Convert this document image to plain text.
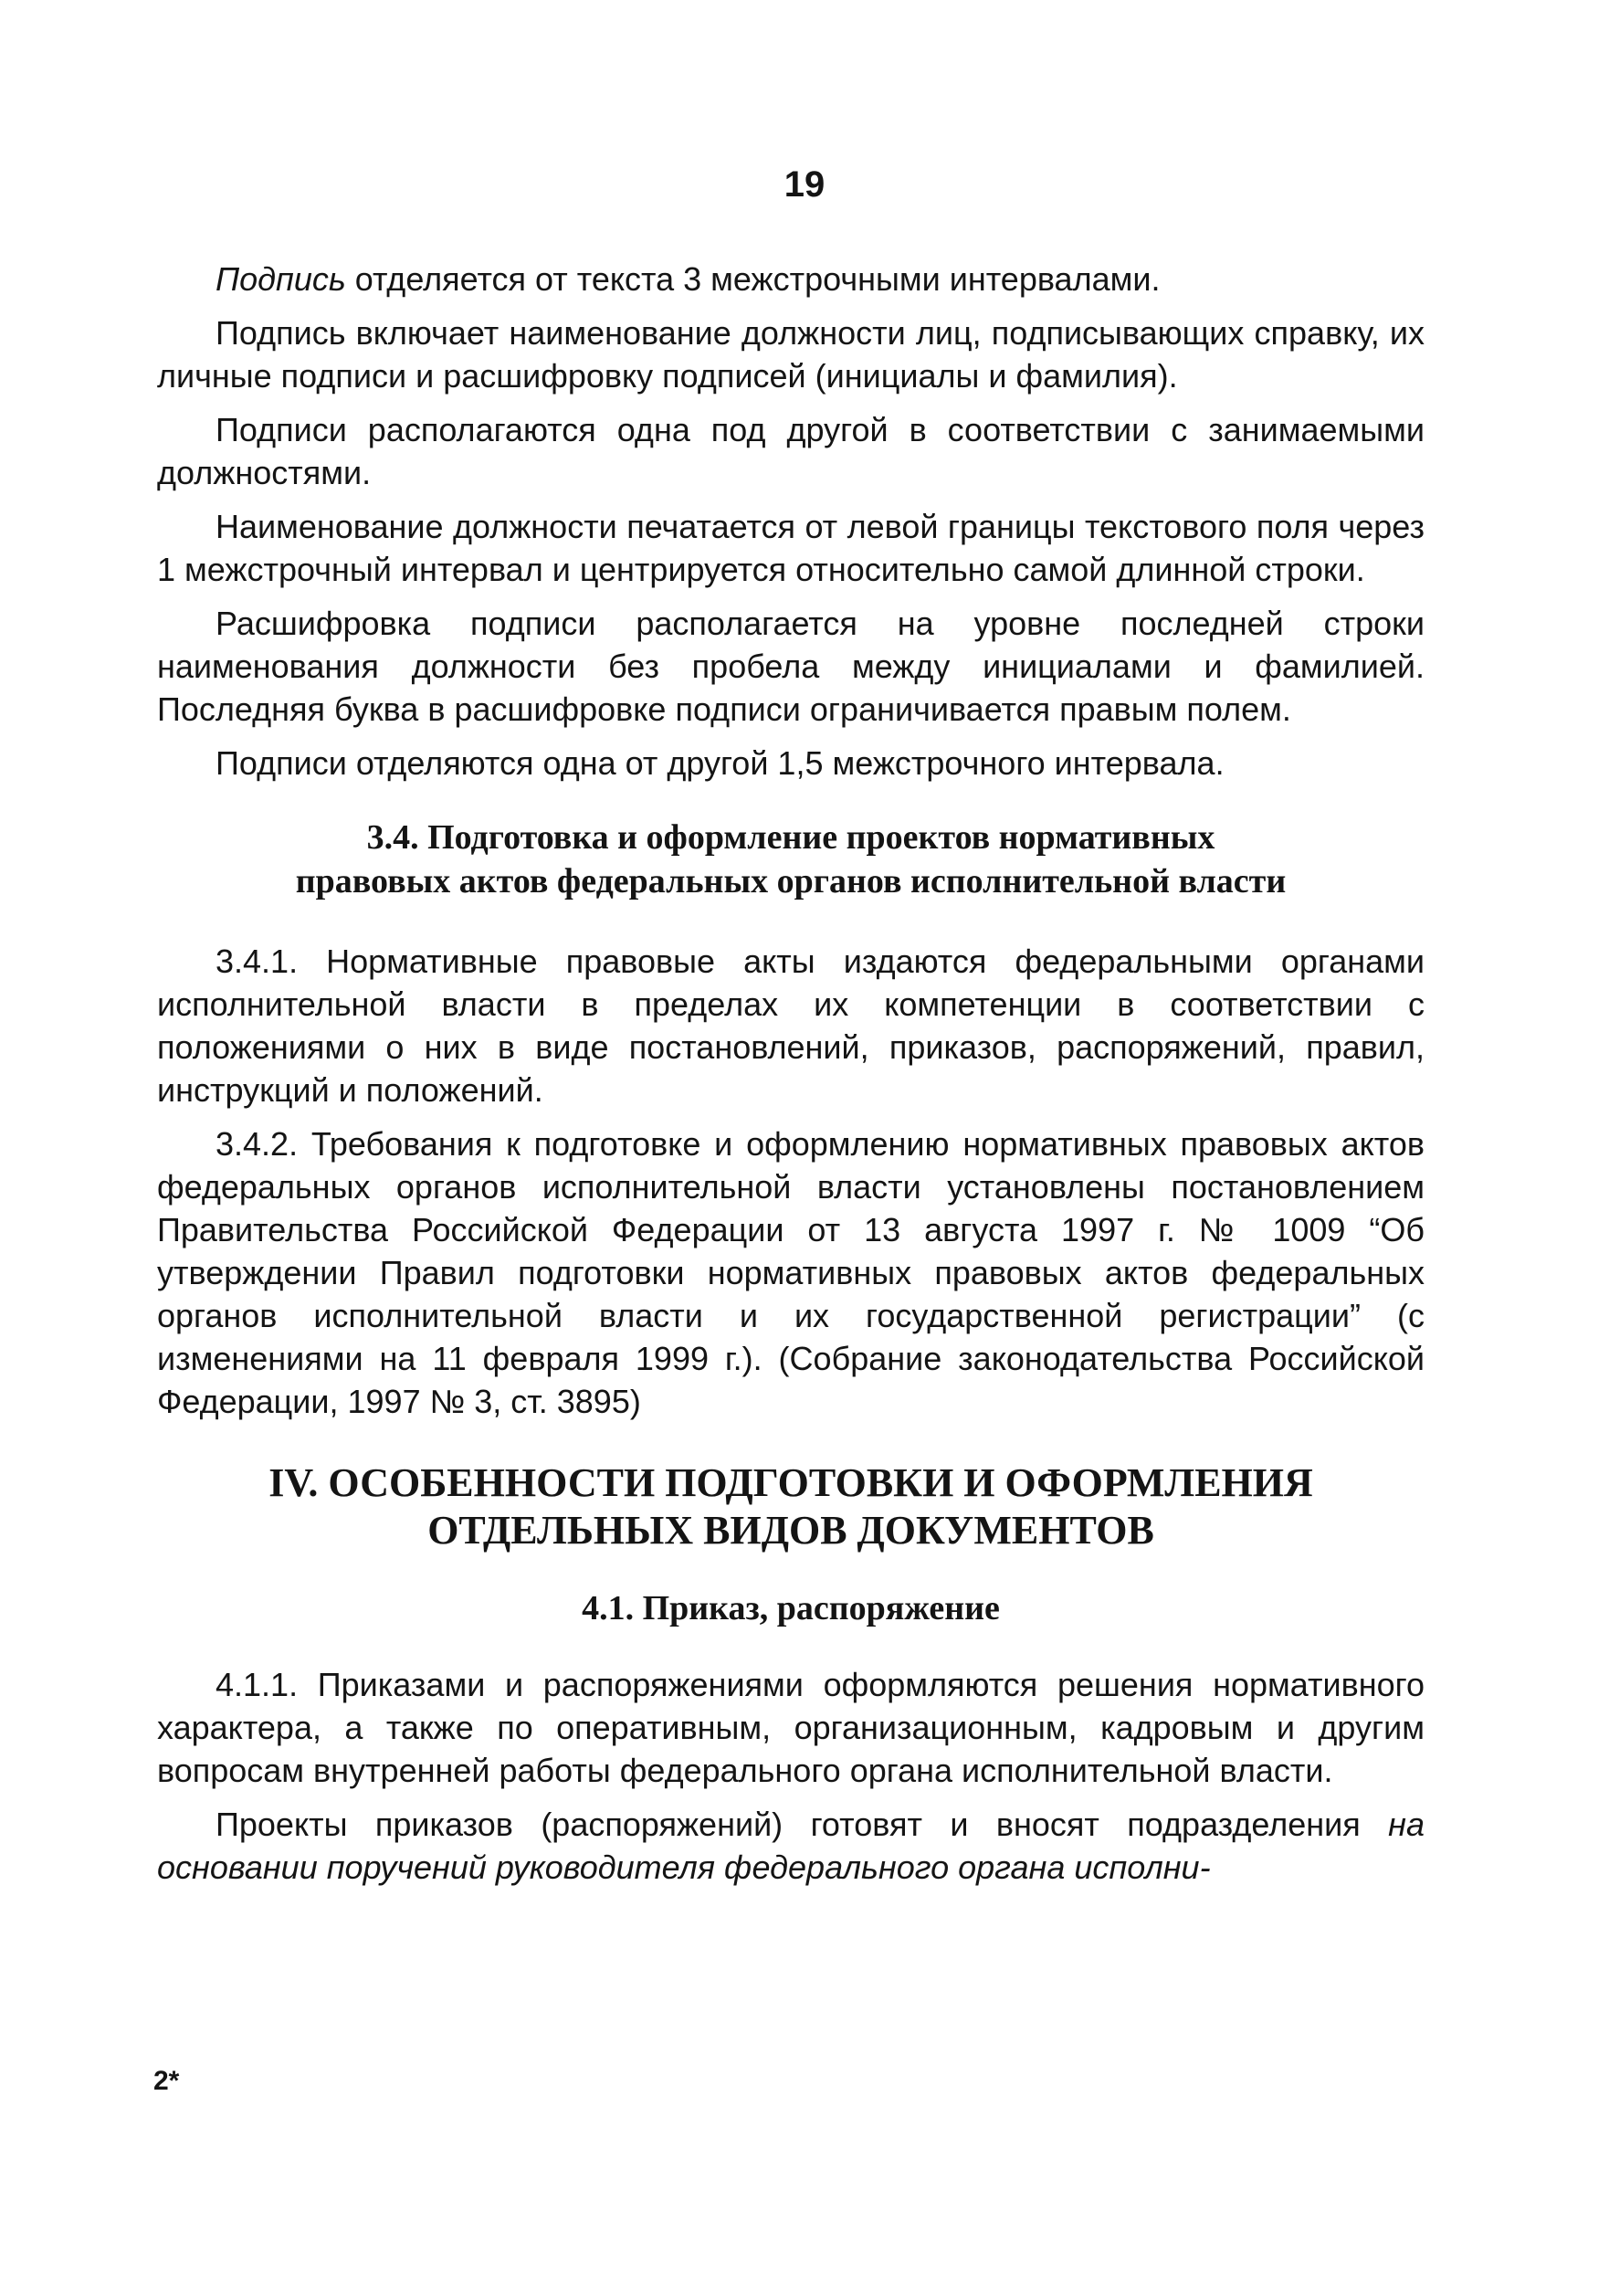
19

Подпись отделяется от текста 3 межстрочными интервалами.

Подпись включает наименование должности лиц, подписывающих справку, их личные подписи и расшифровку подписей (инициалы и фамилия).

Подписи располагаются одна под другой в соответствии с занимаемыми должностями.

Наименование должности печатается от левой границы текстового поля через 1 межстрочный интервал и центрируется относительно самой длинной строки.

Расшифровка подписи располагается на уровне последней строки наименования должности без пробела между инициалами и фамилией. Последняя буква в расшифровке подписи ограничивается правым полем.

Подписи отделяются одна от другой 1,5 межстрочного интервала.

3.4. Подготовка и оформление проектов нормативных
правовых актов федеральных органов исполнительной власти

3.4.1. Нормативные правовые акты издаются федеральными органами исполнительной власти в пределах их компетенции в соответствии с положениями о них в виде постановлений, приказов, распоряжений, правил, инструкций и положений.

3.4.2. Требования к подготовке и оформлению нормативных правовых актов федеральных органов исполнительной власти установлены постановлением Правительства Российской Федерации от 13 августа 1997 г. № 1009 “Об утверждении Правил подготовки нормативных правовых актов федеральных органов исполнительной власти и их государственной регистрации” (с изменениями на 11 февраля 1999 г.). (Собрание законодательства Российской Федерации, 1997 № 3, ст. 3895)

IV. ОСОБЕННОСТИ ПОДГОТОВКИ И ОФОРМЛЕНИЯ
ОТДЕЛЬНЫХ ВИДОВ ДОКУМЕНТОВ
4.1. Приказ, распоряжение

4.1.1. Приказами и распоряжениями оформляются решения нормативного характера, а также по оперативным, организационным, кадровым и другим вопросам внутренней работы федерального органа исполнительной власти.

Проекты приказов (распоряжений) готовят и вносят подразделения на основании поручений руководителя федерального органа исполни-

2*
